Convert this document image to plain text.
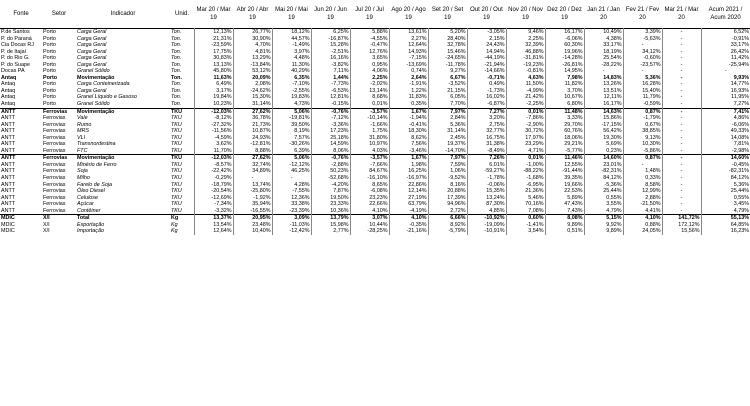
Fonte	Setor	Indicador	Unid.	Mar 20 / Mar 19	Abr 20 / Abr 19	Mai 20 / Mai 19	Jun 20 / Jun 19	Jul 20 / Jul 19	Ago 20 / Ago 19	Set 20 / Set 19	Out 20 / Out 19	Nov 20 / Nov 19	Dez 20 / Dez 19	Jan 21 / Jan 20	Fev 21 / Fev 20	Mar 21 / Mar 20	Acum 2021 / Acum 2020
P.de Santos	Porto	Carga Geral	Ton.	12,13%	26,77%	18,12%	6,25%	5,88%	13,61%	5,20%	-3,05%	9,46%	16,17%	10,49%	3,39%	-	6,52%
P. do Paraná	Porto	Carga Geral	Ton.	21,31%	30,90%	44,57%	-16,87%	-4,55%	2,27%	28,40%	2,15%	2,25%	-6,06%	4,38%	-5,63%	-	-0,91%
Cia Docas RJ	Porto	Carga Geral	Ton.	-23,59%	4,70%	-1,49%	15,28%	-0,47%	12,64%	32,78%	24,43%	32,39%	60,30%	33,17%	-	-	33,17%
P. de Itajaí	Porto	Carga Geral	Ton.	17,75%	4,81%	3,97%	-2,51%	12,76%	14,93%	15,46%	14,94%	46,88%	19,96%	18,19%	34,12%	-	26,42%
P. do Rio G.	Porto	Carga Geral	Ton.	30,83%	13,29%	4,48%	16,16%	3,65%	-7,15%	-24,65%	-44,19%	-31,81%	-14,28%	25,54%	-0,60%	-	11,42%
P. do Suape	Porto	Carga Geral	Ton.	13,13%	-13,84%	11,30%	-3,82%	0,95%	-13,69%	-11,78%	-21,94%	-19,23%	-26,81%	-28,22%	-23,57%	-	-25,94%
Docas PA	Porto	Granel Sólido	Ton.	45,80%	53,12%	40,29%	7,11%	4,06%	0,74%	9,27%	-14,66%	-0,81%	14,95%	-	-	-	-
Antaq	Porto	Movimentação	Ton.	11,63%	20,09%	6,35%	1,44%	2,25%	2,64%	6,67%	-0,71%	4,63%	7,98%	14,83%	5,36%	-	9,93%
Antaq	Porto	Carga Conteinerizada	Ton.	6,49%	2,08%	-7,10%	-7,73%	-2,02%	-1,91%	-3,52%	0,49%	11,50%	11,82%	13,26%	16,28%	-	14,77%
Antaq	Porto	Carga Geral	Ton.	3,17%	-24,62%	-2,55%	-6,53%	13,14%	1,22%	21,15%	-1,73%	-4,99%	3,70%	13,51%	15,40%	-	16,93%
Antaq	Porto	Granel Líquido e Gasoso	Ton.	19,84%	15,30%	19,83%	12,81%	8,68%	11,83%	6,05%	16,02%	21,42%	10,67%	12,11%	11,79%	-	11,95%
Antaq	Porto	Granel Sólido	Ton.	10,23%	31,14%	4,73%	-0,15%	0,01%	0,35%	7,70%	-6,87%	-2,25%	6,80%	16,17%	-0,59%	-	7,27%
ANTT	Ferrovias	Movimentação	TKU	-12,03%	27,62%	5,06%	-0,76%	-3,57%	1,67%	7,97%	7,27%	0,01%	11,48%	14,63%	0,87%	-	7,41%
ANTT	Ferrovias	Vale	TKU	-8,12%	36,78%	-19,81%	-7,12%	-10,14%	-1,94%	2,84%	3,20%	-7,86%	3,33%	15,86%	-1,79%	-	4,86%
ANTT	Ferrovias	Rumo	TKU	-27,32%	21,73%	39,50%	-3,36%	-1,66%	-0,41%	5,36%	2,75%	-2,90%	29,70%	-17,15%	0,67%	-	-6,06%
ANTT	Ferrovias	MRS	TKU	-11,56%	10,87%	8,19%	17,23%	1,75%	18,30%	31,14%	32,77%	30,72%	60,76%	56,42%	38,85%	-	49,33%
ANTT	Ferrovias	VLI	TKU	-4,59%	24,93%	7,57%	25,18%	31,80%	8,62%	2,45%	16,75%	17,97%	18,06%	19,30%	9,13%	-	14,08%
ANTT	Ferrovias	Transnordestina	TKU	3,62%	-12,81%	-30,26%	14,59%	10,97%	7,56%	19,37%	31,38%	23,29%	29,21%	5,69%	10,30%	-	7,81%
ANTT	Ferrovias	FTC	TKU	11,70%	8,88%	6,39%	8,06%	4,03%	-3,46%	-14,70%	-8,49%	4,71%	-5,77%	0,23%	-5,86%	-	-2,98%
ANTT	Ferrovias	Movimentação	TKU	-12,03%	27,62%	5,06%	-0,76%	-3,57%	1,67%	7,97%	7,26%	0,01%	11,46%	14,60%	0,87%	-	14,60%
ANTT	Ferrovias	Minério de Ferro	TKU	-8,57%	32,74%	-12,12%	-2,88%	-7,66%	1,98%	7,59%	6,01%	-1,00%	12,55%	23,01%	-	-	-0,45%
ANTT	Ferrovias	Soja	TKU	-22,42%	34,89%	46,25%	50,23%	84,67%	16,25%	1,06%	-59,27%	-88,22%	-91,44%	-82,31%	1,48%	-	-82,31%
ANTT	Ferrovias	Milho	TKU	-0,29%	-	-	-52,68%	-16,10%	-16,97%	-9,52%	-1,78%	-1,68%	39,35%	84,12%	0,33%	-	84,12%
ANTT	Ferrovias	Farelo de Soja	TKU	-18,79%	13,74%	4,28%	-4,20%	8,65%	22,86%	8,16%	-0,06%	-6,95%	19,66%	-5,36%	8,58%	-	5,36%
ANTT	Ferrovias	Óleo Diesel	TKU	-20,54%	-25,80%	-7,55%	7,87%	-6,08%	12,14%	20,88%	15,35%	21,36%	22,53%	25,44%	12,99%	-	25,44%
ANTT	Ferrovias	Celulose	TKU	-12,69%	-1,92%	12,36%	19,50%	23,23%	27,19%	17,39%	13,24%	5,46%	5,89%	0,55%	2,88%	-	0,55%
ANTT	Ferrovias	Açúcar	TKU	-7,34%	35,94%	33,38%	23,33%	22,66%	63,79%	94,96%	87,30%	70,16%	47,43%	3,55%	-21,50%	-	3,45%
ANTT	Ferrovias	Contêiner	TKU	-3,32%	-16,55%	-23,39%	10,36%	4,10%	-4,19%	2,72%	4,85%	7,08%	7,43%	4,79%	4,41%	-	4,79%
MDIC	X/I	Total	Kg	13,37%	20,95%	3,09%	13,79%	3,07%	4,10%	6,66%	-10,92%	0,60%	8,08%	5,15%	4,10%	141,72%	55,13%
MDIC	X/I	Exportação	Kg	13,54%	23,48%	-11,03%	15,98%	10,44%	-0,35%	8,92%	-19,09%	-1,41%	9,89%	9,92%	0,88%	172,12%	64,85%
MDIC	X/I	Importação	Kg	12,64%	10,40%	-12,42%	2,77%	-28,25%	-21,16%	-5,79%	-10,91%	3,54%	0,51%	9,89%	24,05%	15,56%	16,23%
